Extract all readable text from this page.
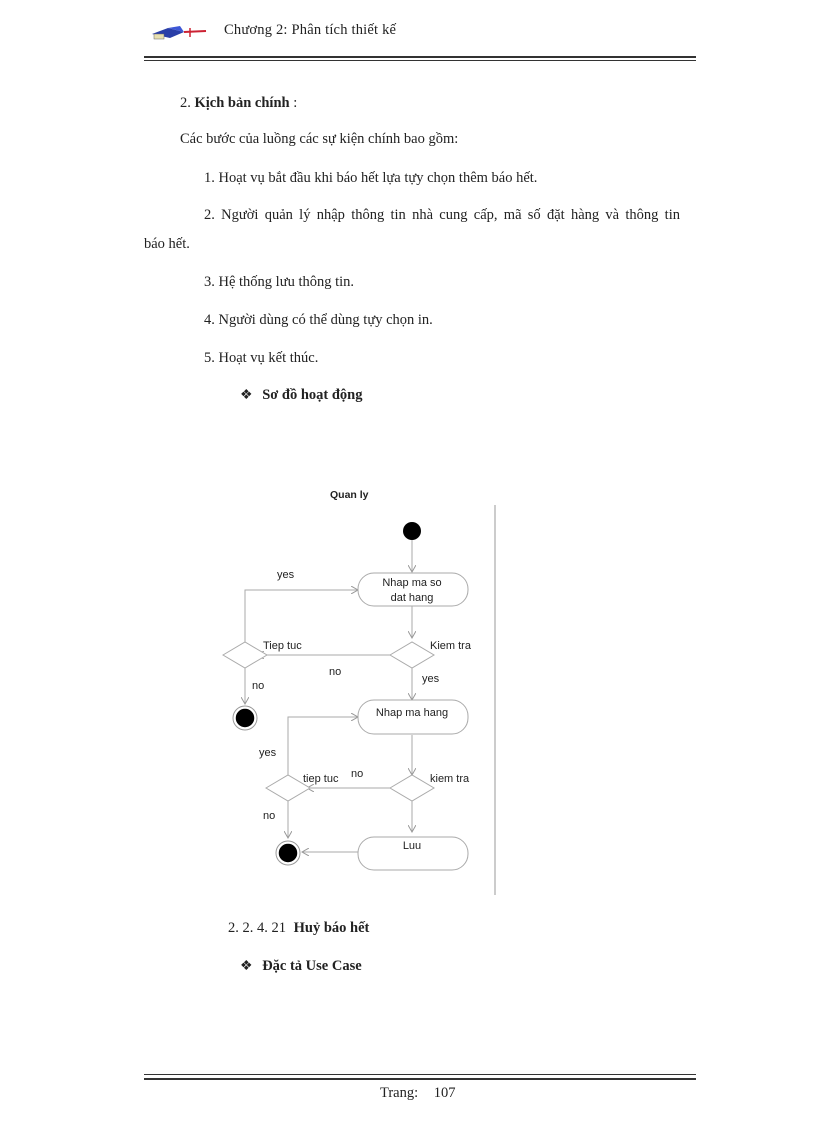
Chương 2: Phân tích thiết kế
2. Kịch bản chính :
Các bước của luồng các sự kiện chính bao gồm:
1. Hoạt vụ bắt đầu khi báo hết lựa tựy chọn thêm báo hết.
2. Người quản lý nhập thông tin nhà cung cấp, mã số đặt hàng và thông tin
báo hết.
3. Hệ thống lưu thông tin.
4. Người dùng có thể dùng tựy chọn in.
5. Hoạt vụ kết thúc.
❖ Sơ đồ hoạt động
Quan ly
Nhap ma so
dat hang
yes
Tiep tuc	Kiem tra
no
no
yes
Nhap ma hang
yes
tiep tuc no	kiem tra
no
Luu
2. 2. 4. 21 Huỷ báo hết
❖ Đặc tả Use Case
Trang: 107
